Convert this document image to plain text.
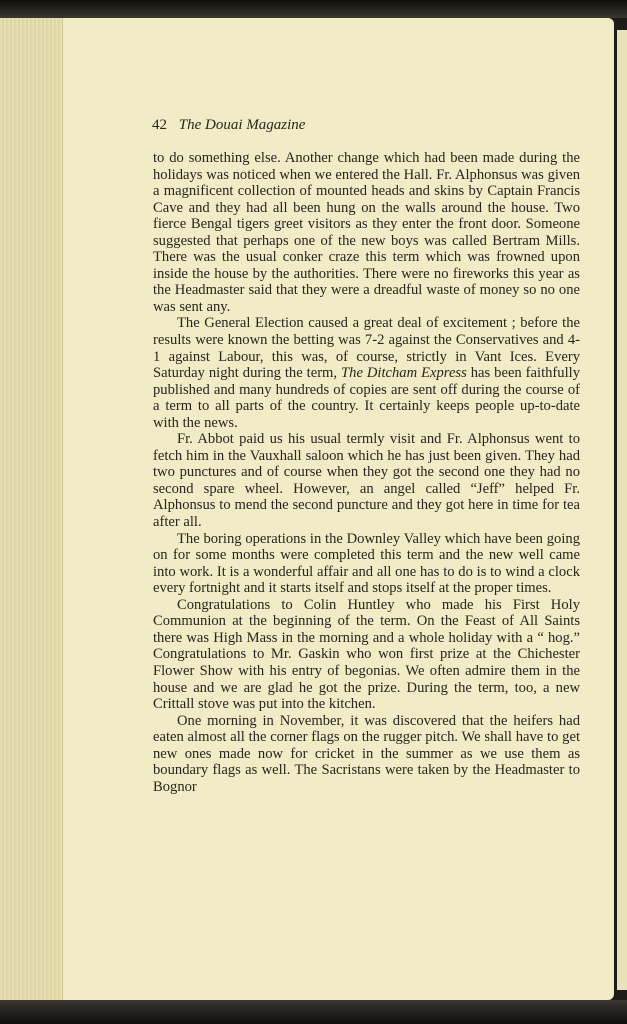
42 The Douai Magazine

to do something else. Another change which had been made during the holidays was noticed when we entered the Hall. Fr. Alphonsus was given a magnificent collection of mounted heads and skins by Captain Francis Cave and they had all been hung on the walls around the house. Two fierce Bengal tigers greet visitors as they enter the front door. Someone suggested that perhaps one of the new boys was called Bertram Mills. There was the usual conker craze this term which was frowned upon inside the house by the authorities. There were no fireworks this year as the Headmaster said that they were a dreadful waste of money so no one was sent any.

The General Election caused a great deal of excitement ; before the results were known the betting was 7-2 against the Conservatives and 4-1 against Labour, this was, of course, strictly in Vant Ices. Every Saturday night during the term, The Ditcham Express has been faithfully published and many hundreds of copies are sent off during the course of a term to all parts of the country. It certainly keeps people up-to-date with the news.

Fr. Abbot paid us his usual termly visit and Fr. Alphonsus went to fetch him in the Vauxhall saloon which he has just been given. They had two punctures and of course when they got the second one they had no second spare wheel. However, an angel called “Jeff” helped Fr. Alphonsus to mend the second puncture and they got here in time for tea after all.

The boring operations in the Downley Valley which have been going on for some months were completed this term and the new well came into work. It is a wonderful affair and all one has to do is to wind a clock every fortnight and it starts itself and stops itself at the proper times.

Congratulations to Colin Huntley who made his First Holy Communion at the beginning of the term. On the Feast of All Saints there was High Mass in the morning and a whole holiday with a “ hog.” Congratulations to Mr. Gaskin who won first prize at the Chichester Flower Show with his entry of begonias. We often admire them in the house and we are glad he got the prize. During the term, too, a new Crittall stove was put into the kitchen.

One morning in November, it was discovered that the heifers had eaten almost all the corner flags on the rugger pitch. We shall have to get new ones made now for cricket in the summer as we use them as boundary flags as well. The Sacristans were taken by the Headmaster to Bognor
